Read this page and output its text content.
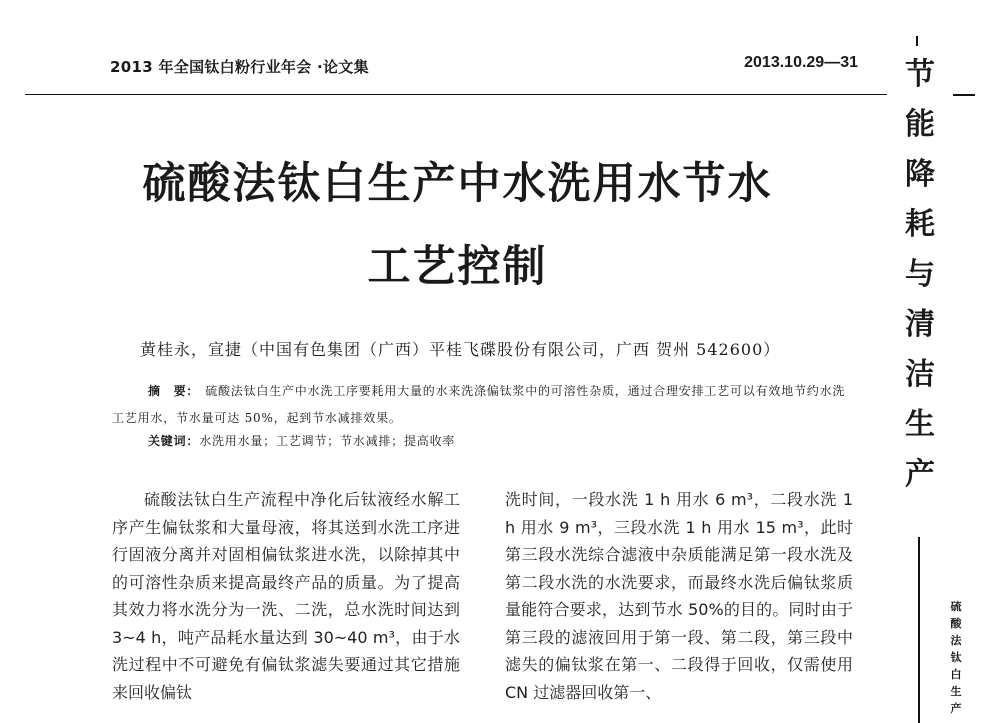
2013 年全国钛白粉行业年会 ·论文集	2013.10.29—31 节
能
降
耗
与
清
洁
生
产
硫
酸
法
钛
白
生
产
硫酸法钛白生产中水洗用水节水
工艺控制
黄桂永，宣捷（中国有色集团（广西）平桂飞碟股份有限公司，广西 贺州 542600）
摘　要： 硫酸法钛白生产中水洗工序要耗用大量的水来洗涤偏钛浆中的可溶性杂质，通过合理安排工艺可以有效地节约水洗工艺用水，节水量可达 50%，起到节水减排效果。
关键词：水洗用水量；工艺调节；节水减排；提高收率

硫酸法钛白生产流程中净化后钛液经水解工序产生偏钛浆和大量母液，将其送到水洗工序进行固液分离并对固相偏钛浆进水洗，以除掉其中的可溶性杂质来提高最终产品的质量。为了提高其效力将水洗分为一洗、二洗，总水洗时间达到 3~4 h，吨产品耗水量达到 30~40 m³，由于水洗过程中不可避免有偏钛浆滤失要通过其它措施来回收偏钛

洗时间，一段水洗 1 h 用水 6 m³，二段水洗 1 h 用水 9 m³，三段水洗 1 h 用水 15 m³，此时第三段水洗综合滤液中杂质能满足第一段水洗及第二段水洗的水洗要求，而最终水洗后偏钛浆质量能符合要求，达到节水 50%的目的。同时由于第三段的滤液回用于第一段、第二段，第三段中滤失的偏钛浆在第一、二段得于回收，仅需使用 CN 过滤器回收第一、
